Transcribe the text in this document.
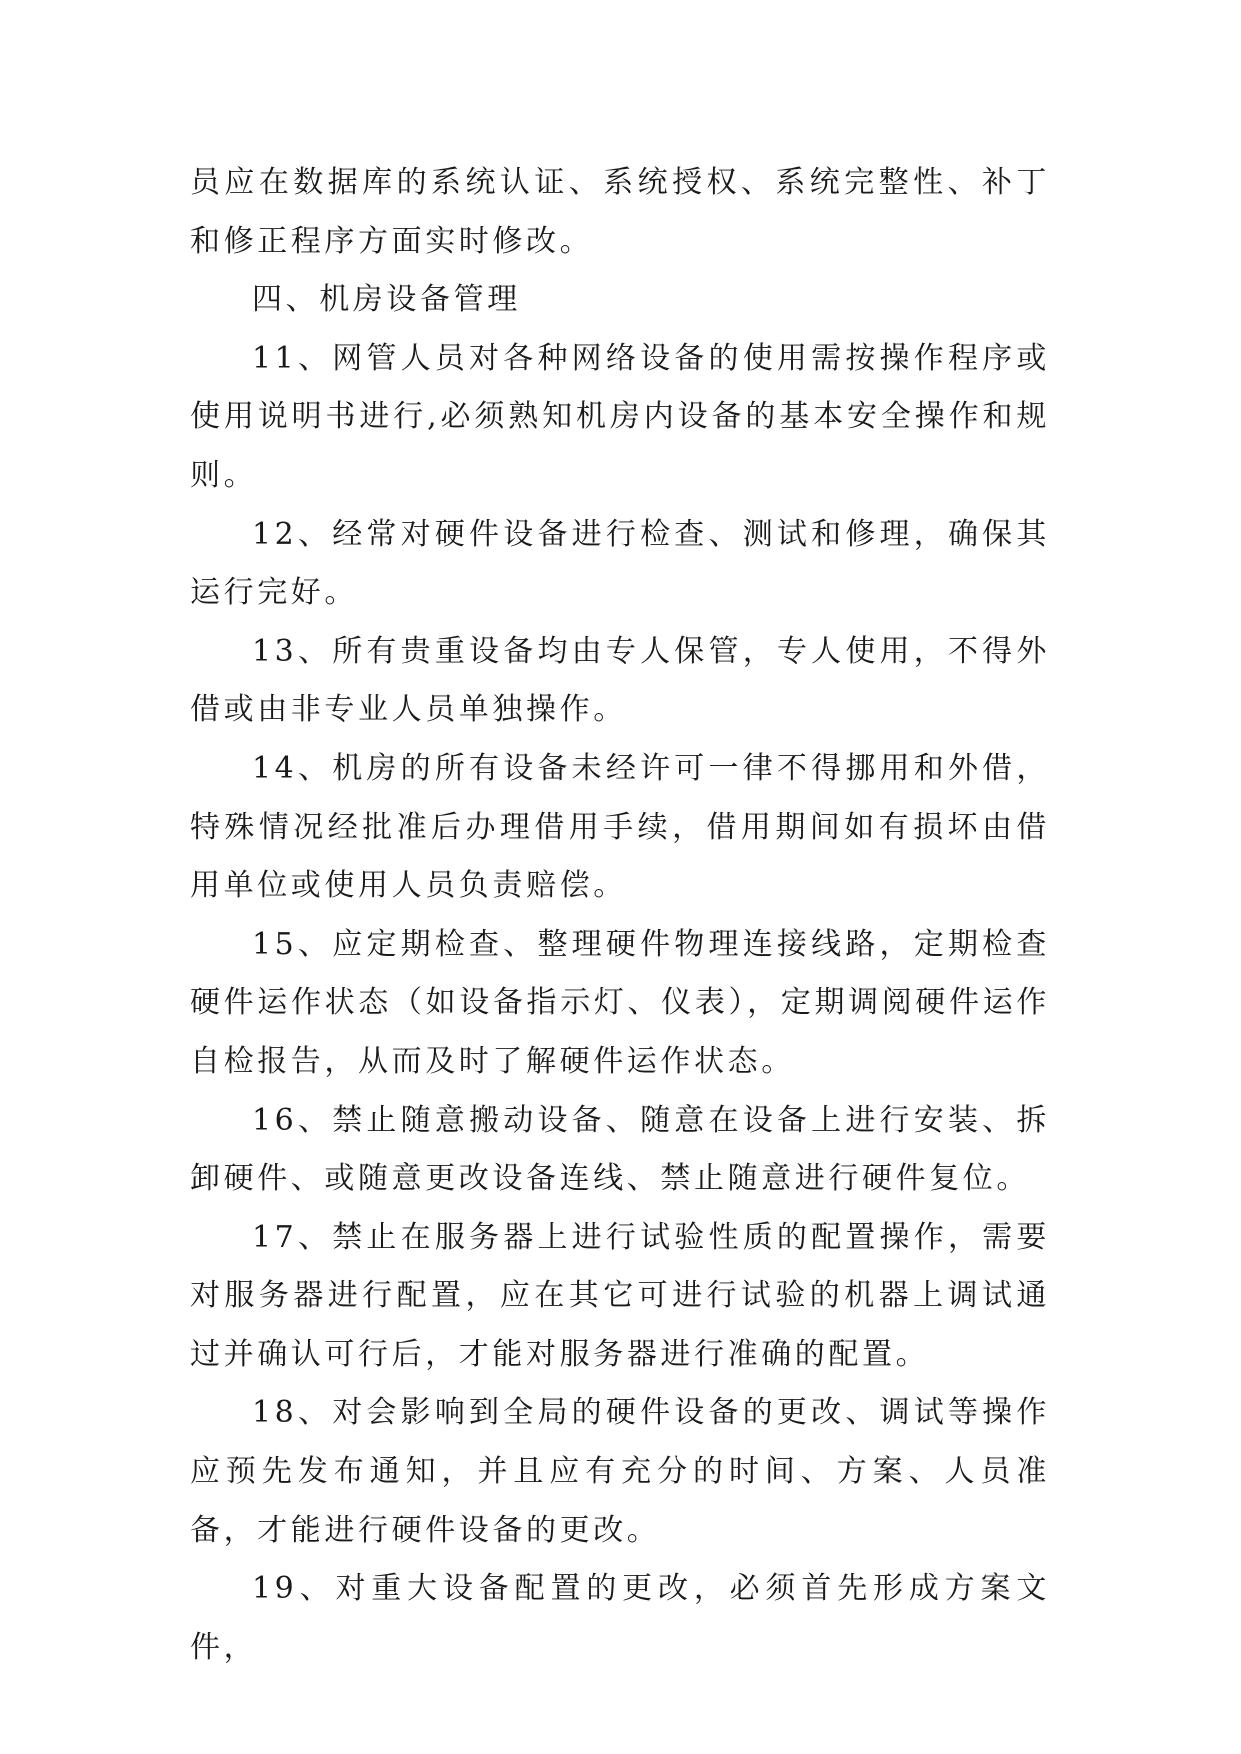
员应在数据库的系统认证、系统授权、系统完整性、补丁和修正程序方面实时修改。

四、机房设备管理

11、网管人员对各种网络设备的使用需按操作程序或使用说明书进行,必须熟知机房内设备的基本安全操作和规则。

12、经常对硬件设备进行检查、测试和修理，确保其运行完好。

13、所有贵重设备均由专人保管，专人使用，不得外借或由非专业人员单独操作。

14、机房的所有设备未经许可一律不得挪用和外借，特殊情况经批准后办理借用手续，借用期间如有损坏由借用单位或使用人员负责赔偿。

15、应定期检查、整理硬件物理连接线路，定期检查硬件运作状态（如设备指示灯、仪表），定期调阅硬件运作自检报告，从而及时了解硬件运作状态。

16、禁止随意搬动设备、随意在设备上进行安装、拆卸硬件、或随意更改设备连线、禁止随意进行硬件复位。

17、禁止在服务器上进行试验性质的配置操作，需要对服务器进行配置，应在其它可进行试验的机器上调试通过并确认可行后，才能对服务器进行准确的配置。

18、对会影响到全局的硬件设备的更改、调试等操作应预先发布通知，并且应有充分的时间、方案、人员准备，才能进行硬件设备的更改。

19、对重大设备配置的更改，必须首先形成方案文件，
